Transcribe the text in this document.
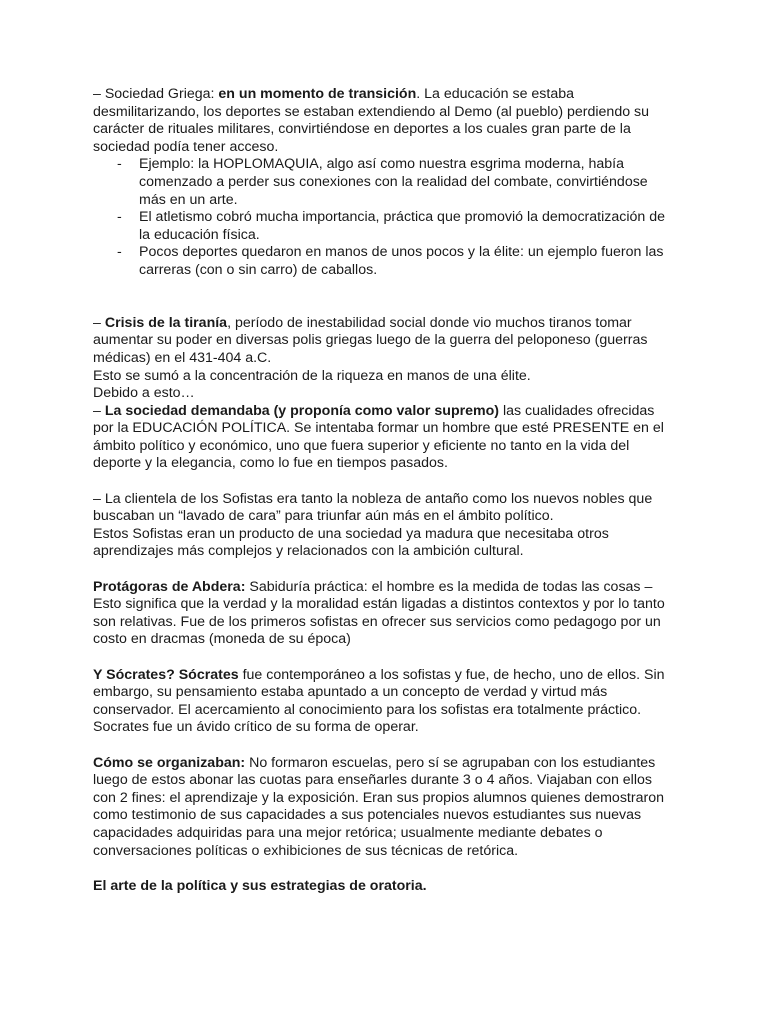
– Sociedad Griega: en un momento de transición. La educación se estaba desmilitarizando, los deportes se estaban extendiendo al Demo (al pueblo) perdiendo su carácter de rituales militares, convirtiéndose en deportes a los cuales gran parte de la sociedad podía tener acceso.

- Ejemplo: la HOPLOMAQUIA, algo así como nuestra esgrima moderna, había comenzado a perder sus conexiones con la realidad del combate, convirtiéndose más en un arte.
- El atletismo cobró mucha importancia, práctica que promovió la democratización de la educación física.
- Pocos deportes quedaron en manos de unos pocos y la élite: un ejemplo fueron las carreras (con o sin carro) de caballos.

– Crisis de la tiranía, período de inestabilidad social donde vio muchos tiranos tomar aumentar su poder en diversas polis griegas luego de la guerra del peloponeso (guerras médicas) en el 431-404 a.C.

Esto se sumó a la concentración de la riqueza en manos de una élite.

Debido a esto…

– La sociedad demandaba (y proponía como valor supremo) las cualidades ofrecidas por la EDUCACIÓN POLÍTICA. Se intentaba formar un hombre que esté PRESENTE en el ámbito político y económico, uno que fuera superior y eficiente no tanto en la vida del deporte y la elegancia, como lo fue en tiempos pasados.

– La clientela de los Sofistas era tanto la nobleza de antaño como los nuevos nobles que buscaban un “lavado de cara” para triunfar aún más en el ámbito político.

Estos Sofistas eran un producto de una sociedad ya madura que necesitaba otros aprendizajes más complejos y relacionados con la ambición cultural.

Protágoras de Abdera: Sabiduría práctica: el hombre es la medida de todas las cosas – Esto significa que la verdad y la moralidad están ligadas a distintos contextos y por lo tanto son relativas. Fue de los primeros sofistas en ofrecer sus servicios como pedagogo por un costo en dracmas (moneda de su época)

Y Sócrates? Sócrates fue contemporáneo a los sofistas y fue, de hecho, uno de ellos. Sin embargo, su pensamiento estaba apuntado a un concepto de verdad y virtud más conservador. El acercamiento al conocimiento para los sofistas era totalmente práctico. Socrates fue un ávido crítico de su forma de operar.

Cómo se organizaban: No formaron escuelas, pero sí se agrupaban con los estudiantes luego de estos abonar las cuotas para enseñarles durante 3 o 4 años. Viajaban con ellos con 2 fines: el aprendizaje y la exposición. Eran sus propios alumnos quienes demostraron como testimonio de sus capacidades a sus potenciales nuevos estudiantes sus nuevas capacidades adquiridas para una mejor retórica; usualmente mediante debates o conversaciones políticas o exhibiciones de sus técnicas de retórica.

El arte de la política y sus estrategias de oratoria.
